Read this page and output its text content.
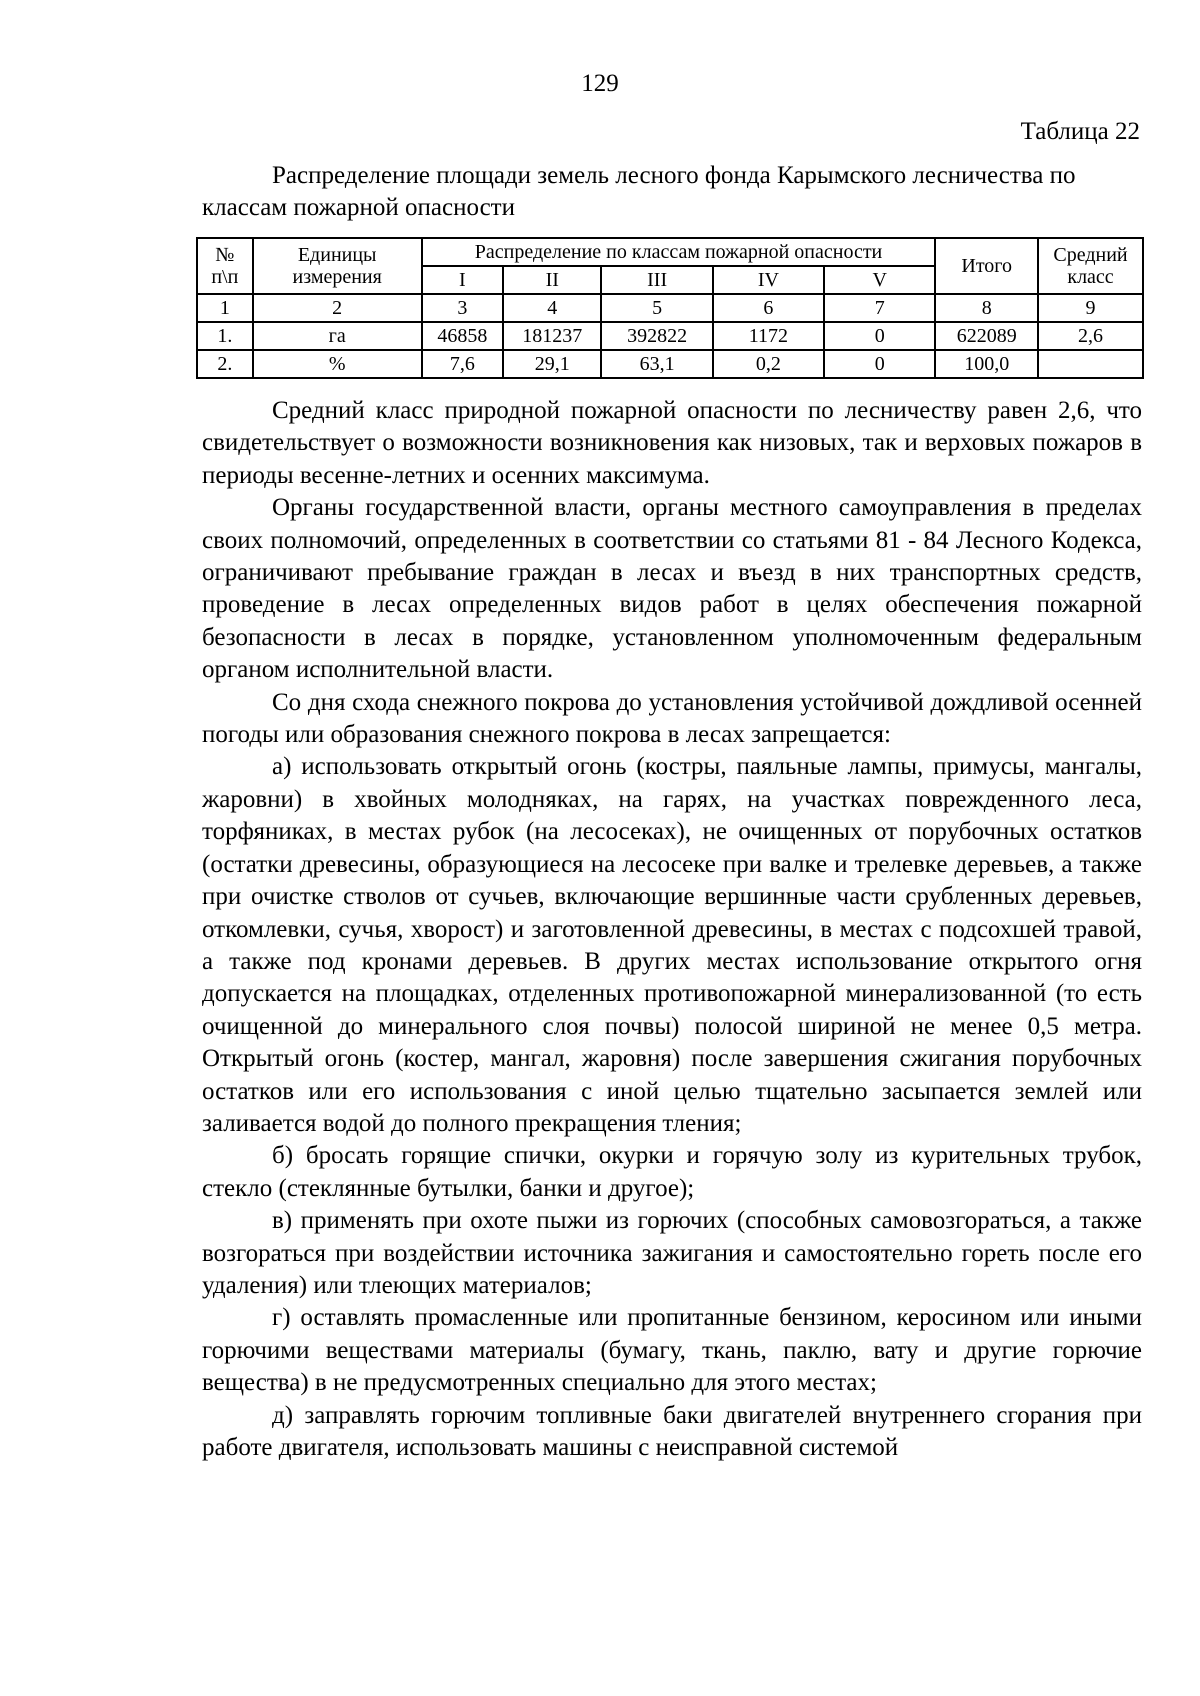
129
Таблица 22
Распределение площади земель лесного фонда Карымского лесничества по классам пожарной опасности
№ п\п	Единицы измерения	Распределение по классам пожарной опасности					Итого	Средний класс
		I	II	III	IV	V		
1	2	3	4	5	6	7	8	9
1.	га	46858	181237	392822	1172	0	622089	2,6
2.	%	7,6	29,1	63,1	0,2	0	100,0	

Средний класс природной пожарной опасности по лесничеству равен 2,6, что свидетельствует о возможности возникновения как низовых, так и верховых пожаров в периоды весенне-летних и осенних максимума.

Органы государственной власти, органы местного самоуправления в пределах своих полномочий, определенных в соответствии со статьями 81 - 84 Лесного Кодекса, ограничивают пребывание граждан в лесах и въезд в них транспортных средств, проведение в лесах определенных видов работ в целях обеспечения пожарной безопасности в лесах в порядке, установленном уполномоченным федеральным органом исполнительной власти.

Со дня схода снежного покрова до установления устойчивой дождливой осенней погоды или образования снежного покрова в лесах запрещается:

а) использовать открытый огонь (костры, паяльные лампы, примусы, мангалы, жаровни) в хвойных молодняках, на гарях, на участках поврежденного леса, торфяниках, в местах рубок (на лесосеках), не очищенных от порубочных остатков (остатки древесины, образующиеся на лесосеке при валке и трелевке деревьев, а также при очистке стволов от сучьев, включающие вершинные части срубленных деревьев, откомлевки, сучья, хворост) и заготовленной древесины, в местах с подсохшей травой, а также под кронами деревьев. В других местах использование открытого огня допускается на площадках, отделенных противопожарной минерализованной (то есть очищенной до минерального слоя почвы) полосой шириной не менее 0,5 метра. Открытый огонь (костер, мангал, жаровня) после завершения сжигания порубочных остатков или его использования с иной целью тщательно засыпается землей или заливается водой до полного прекращения тления;

б) бросать горящие спички, окурки и горячую золу из курительных трубок, стекло (стеклянные бутылки, банки и другое);

в) применять при охоте пыжи из горючих (способных самовозгораться, а также возгораться при воздействии источника зажигания и самостоятельно гореть после его удаления) или тлеющих материалов;

г) оставлять промасленные или пропитанные бензином, керосином или иными горючими веществами материалы (бумагу, ткань, паклю, вату и другие горючие вещества) в не предусмотренных специально для этого местах;

д) заправлять горючим топливные баки двигателей внутреннего сгорания при работе двигателя, использовать машины с неисправной системой
